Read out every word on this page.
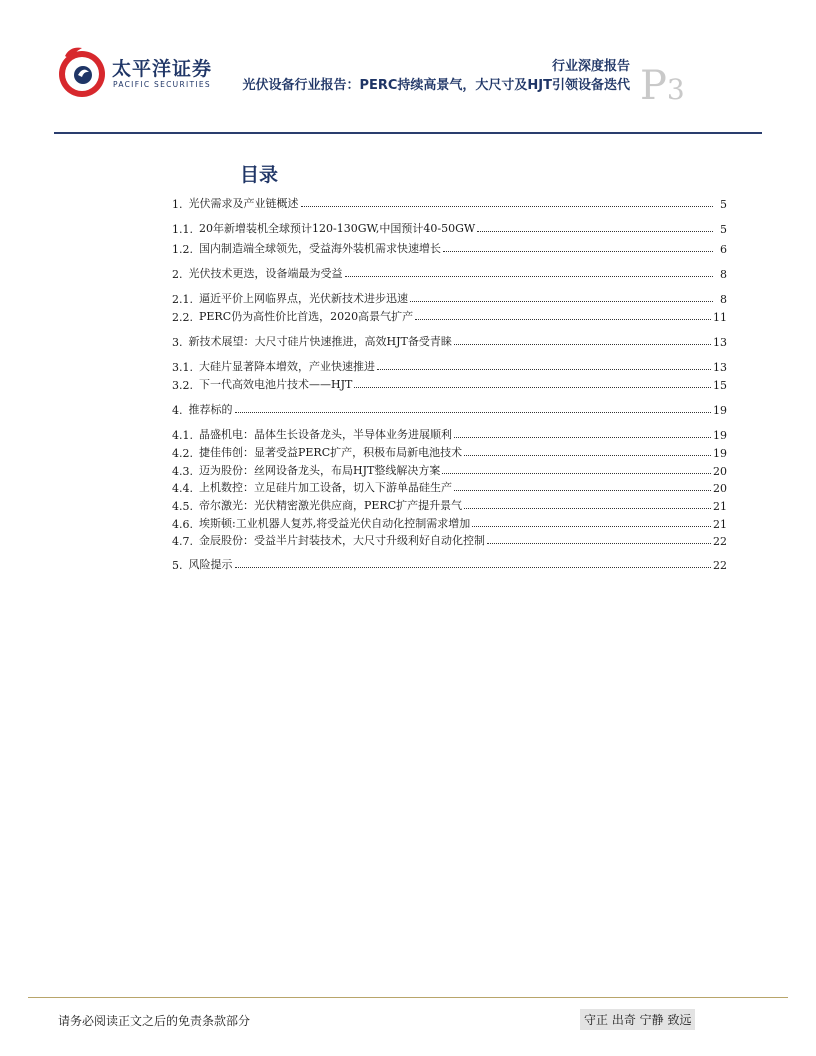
太平洋证券
PACIFIC SECURITIES
行业深度报告
光伏设备行业报告：PERC持续高景气，大尺寸及HJT引领设备迭代 P3
目录
1. 光伏需求及产业链概述	5
1.1. 20年新增装机全球预计120-130GW,中国预计40-50GW	5
1.2. 国内制造端全球领先，受益海外装机需求快速增长	6
2. 光伏技术更迭，设备端最为受益	8
2.1. 逼近平价上网临界点，光伏新技术进步迅速	8
2.2. PERC仍为高性价比首选，2020高景气扩产	11
3. 新技术展望：大尺寸硅片快速推进，高效HJT备受青睐	13
3.1. 大硅片显著降本增效，产业快速推进	13
3.2. 下一代高效电池片技术——HJT	15
4. 推荐标的	19
4.1. 晶盛机电：晶体生长设备龙头，半导体业务进展顺利	19
4.2. 捷佳伟创：显著受益PERC扩产，积极布局新电池技术	19
4.3. 迈为股份：丝网设备龙头，布局HJT整线解决方案	20
4.4. 上机数控：立足硅片加工设备，切入下游单晶硅生产	20
4.5. 帝尔激光：光伏精密激光供应商，PERC扩产提升景气	21
4.6. 埃斯顿:工业机器人复苏,将受益光伏自动化控制需求增加	21
4.7. 金辰股份：受益半片封装技术，大尺寸升级利好自动化控制	22
5. 风险提示	22
请务必阅读正文之后的免责条款部分	守正 出奇 宁静 致远
